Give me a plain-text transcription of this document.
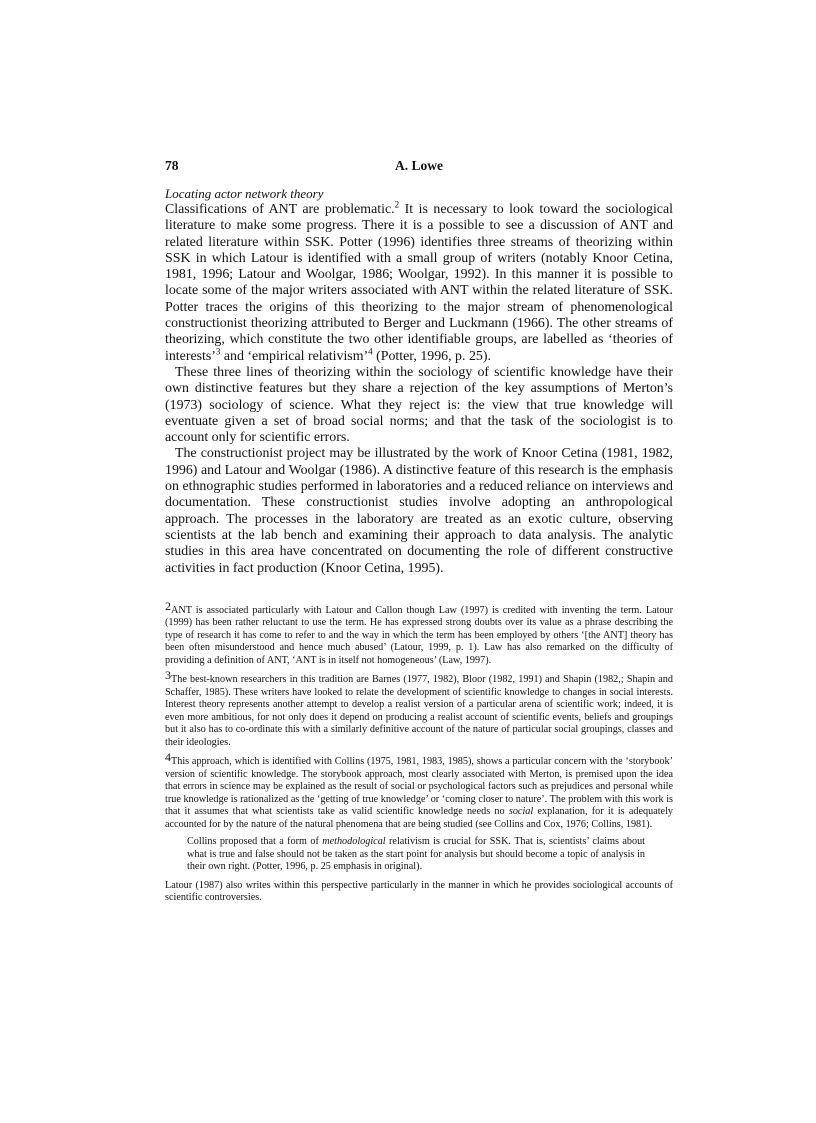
78	A. Lowe

Locating actor network theory

Classifications of ANT are problematic.$^2$ It is necessary to look toward the sociological literature to make some progress. There it is a possible to see a discussion of ANT and related literature within SSK. Potter (1996) identifies three streams of theorizing within SSK in which Latour is identified with a small group of writers (notably Knoor Cetina, 1981, 1996; Latour and Woolgar, 1986; Woolgar, 1992). In this manner it is possible to locate some of the major writers associated with ANT within the related literature of SSK. Potter traces the origins of this theorizing to the major stream of phenomenological constructionist theorizing attributed to Berger and Luckmann (1966). The other streams of theorizing, which constitute the two other identifiable groups, are labelled as ‘theories of interests’$^3$ and ‘empirical relativism’$^4$ (Potter, 1996, p. 25).

These three lines of theorizing within the sociology of scientific knowledge have their own distinctive features but they share a rejection of the key assumptions of Merton’s (1973) sociology of science. What they reject is: the view that true knowledge will eventuate given a set of broad social norms; and that the task of the sociologist is to account only for scientific errors.

The constructionist project may be illustrated by the work of Knoor Cetina (1981, 1982, 1996) and Latour and Woolgar (1986). A distinctive feature of this research is the emphasis on ethnographic studies performed in laboratories and a reduced reliance on interviews and documentation. These constructionist studies involve adopting an anthropological approach. The processes in the laboratory are treated as an exotic culture, observing scientists at the lab bench and examining their approach to data analysis. The analytic studies in this area have concentrated on documenting the role of different constructive activities in fact production (Knoor Cetina, 1995).

2ANT is associated particularly with Latour and Callon though Law (1997) is credited with inventing the term. Latour (1999) has been rather reluctant to use the term. He has expressed strong doubts over its value as a phrase describing the type of research it has come to refer to and the way in which the term has been employed by others ‘[the ANT] theory has been often misunderstood and hence much abused’ (Latour, 1999, p. 1). Law has also remarked on the difficulty of providing a definition of ANT, ‘ANT is in itself not homogeneous’ (Law, 1997).

3The best-known researchers in this tradition are Barnes (1977, 1982), Bloor (1982, 1991) and Shapin (1982,; Shapin and Schaffer, 1985). These writers have looked to relate the development of scientific knowledge to changes in social interests. Interest theory represents another attempt to develop a realist version of a particular arena of scientific work; indeed, it is even more ambitious, for not only does it depend on producing a realist account of scientific events, beliefs and groupings but it also has to co-ordinate this with a similarly definitive account of the nature of particular social groupings, classes and their ideologies.

4This approach, which is identified with Collins (1975, 1981, 1983, 1985), shows a particular concern with the ‘storybook’ version of scientific knowledge. The storybook approach, most clearly associated with Merton, is premised upon the idea that errors in science may be explained as the result of social or psychological factors such as prejudices and personal while true knowledge is rationalized as the ‘getting of true knowledge’ or ‘coming closer to nature’. The problem with this work is that it assumes that what scientists take as valid scientific knowledge needs no social explanation, for it is adequately accounted for by the nature of the natural phenomena that are being studied (see Collins and Cox, 1976; Collins, 1981).

Collins proposed that a form of methodological relativism is crucial for SSK. That is, scientists’ claims about what is true and false should not be taken as the start point for analysis but should become a topic of analysis in their own right. (Potter, 1996, p. 25 emphasis in original).

Latour (1987) also writes within this perspective particularly in the manner in which he provides sociological accounts of scientific controversies.
